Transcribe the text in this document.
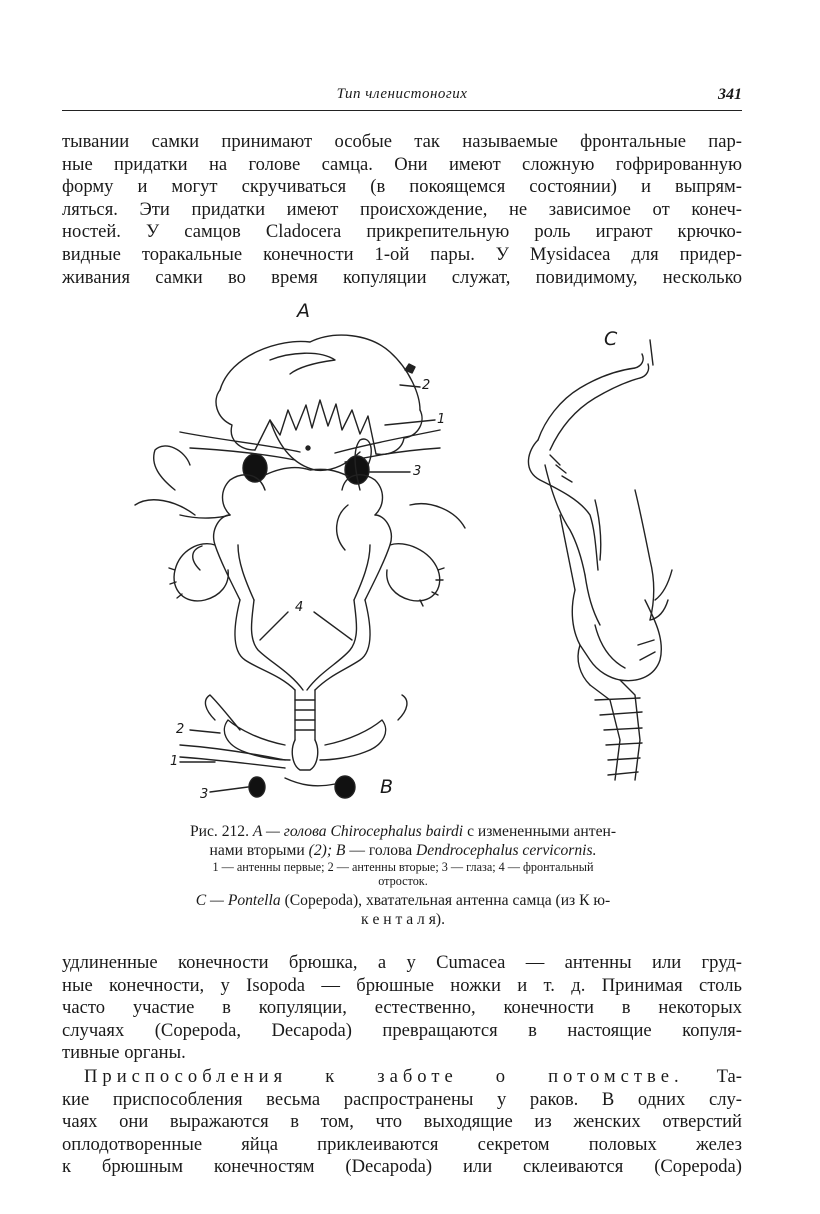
Тип членистоногих	341
тывании самки принимают особые так называемые фронтальные пар-
ные придатки на голове самца. Они имеют сложную гофрированную
форму и могут скручиваться (в покоящемся состоянии) и выпрям-
ляться. Эти придатки имеют происхождение, не зависимое от конеч-
ностей. У самцов Cladocera прикрепительную роль играют крючко-
видные торакальные конечности 1-ой пары. У Mysidacea для придер-
живания самки во время копуляции служат, повидимому, несколько
A
C
B
2
1
3
4
2
1
3
Рис. 212. A — голова Chirocephalus bairdi с измененными антен-
нами вторыми (2); B — голова Dendrocephalus cervicornis.
1 — антенны первые; 2 — антенны вторые; 3 — глаза; 4 — фронтальный
отросток.
C — Pontella (Copepoda), хватательная антенна самца (из К ю-
к е н т а л я).
удлиненные конечности брюшка, а у Cumacea — антенны или груд-
ные конечности, у Isopoda — брюшные ножки и т. д. Принимая столь
часто участие в копуляции, естественно, конечности в некоторых
случаях (Copepoda, Decapoda) превращаются в настоящие копуля-
тивные органы.
Приспособления к заботе о потомстве. Та-
кие приспособления весьма распространены у раков. В одних слу-
чаях они выражаются в том, что выходящие из женских отверстий
оплодотворенные яйца приклеиваются секретом половых желез
к брюшным конечностям (Decapoda) или склеиваются (Copepoda)
